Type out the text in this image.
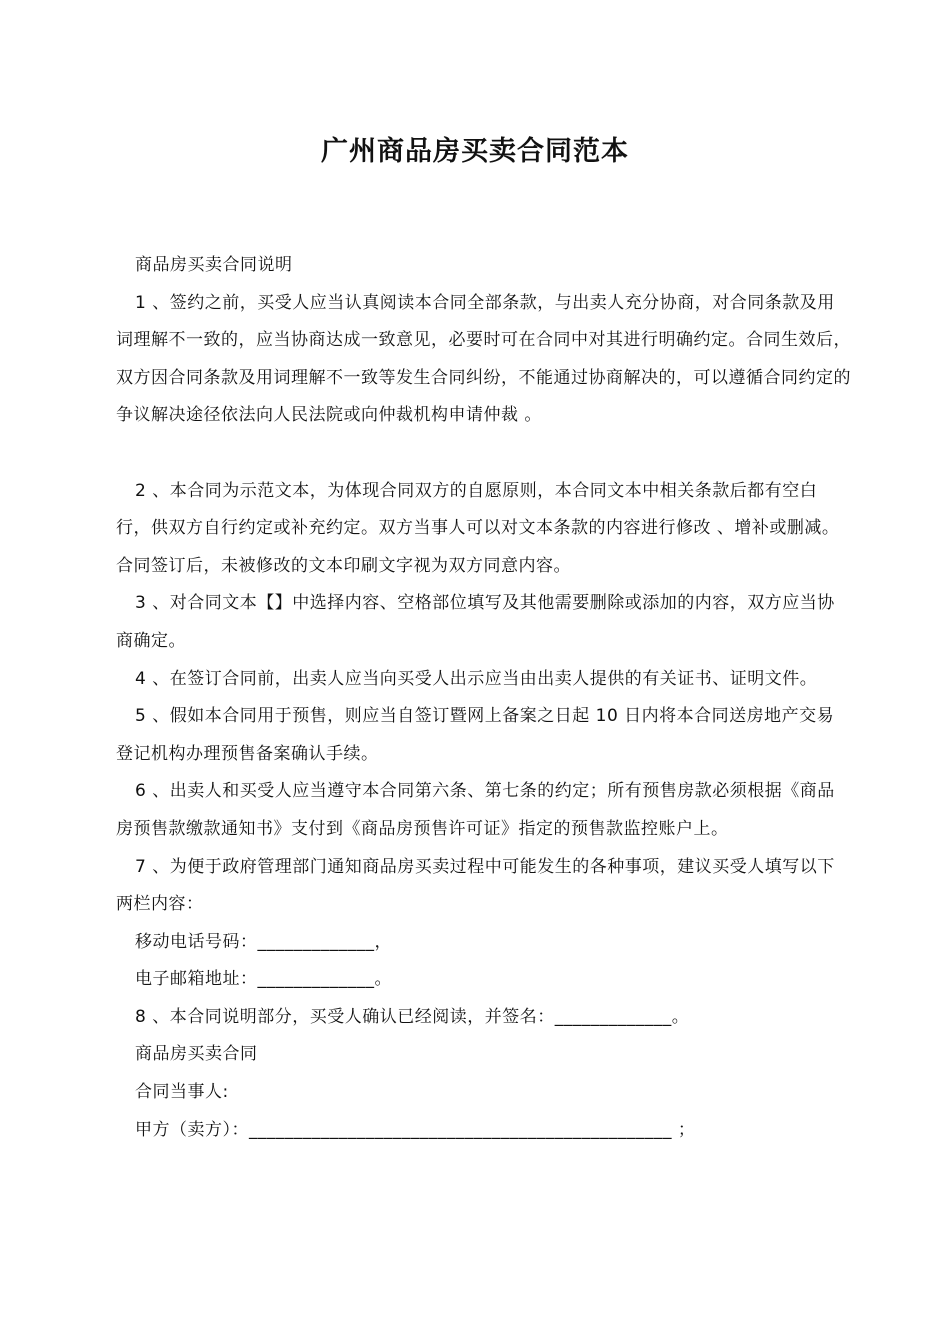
广州商品房买卖合同范本

商品房买卖合同说明

1 、签约之前，买受人应当认真阅读本合同全部条款，与出卖人充分协商，对合同条款及用词理解不一致的，应当协商达成一致意见，必要时可在合同中对其进行明确约定。合同生效后，双方因合同条款及用词理解不一致等发生合同纠纷，不能通过协商解决的，可以遵循合同约定的争议解决途径依法向人民法院或向仲裁机构申请仲裁 。

2 、本合同为示范文本，为体现合同双方的自愿原则，本合同文本中相关条款后都有空白行，供双方自行约定或补充约定。双方当事人可以对文本条款的内容进行修改 、增补或删减。合同签订后，未被修改的文本印刷文字视为双方同意内容。

3 、对合同文本【】中选择内容、空格部位填写及其他需要删除或添加的内容，双方应当协商确定。

4 、在签订合同前，出卖人应当向买受人出示应当由出卖人提供的有关证书、证明文件。

5 、假如本合同用于预售，则应当自签订暨网上备案之日起 10 日内将本合同送房地产交易登记机构办理预售备案确认手续。

6 、出卖人和买受人应当遵守本合同第六条、第七条的约定；所有预售房款必须根据《商品房预售款缴款通知书》支付到《商品房预售许可证》指定的预售款监控账户上。

7 、为便于政府管理部门通知商品房买卖过程中可能发生的各种事项，建议买受人填写以下两栏内容：

移动电话号码：_____________，

电子邮箱地址：_____________。

8 、本合同说明部分，买受人确认已经阅读，并签名：_____________。

商品房买卖合同

合同当事人:

甲方（卖方）：_______________________________________________ ；
